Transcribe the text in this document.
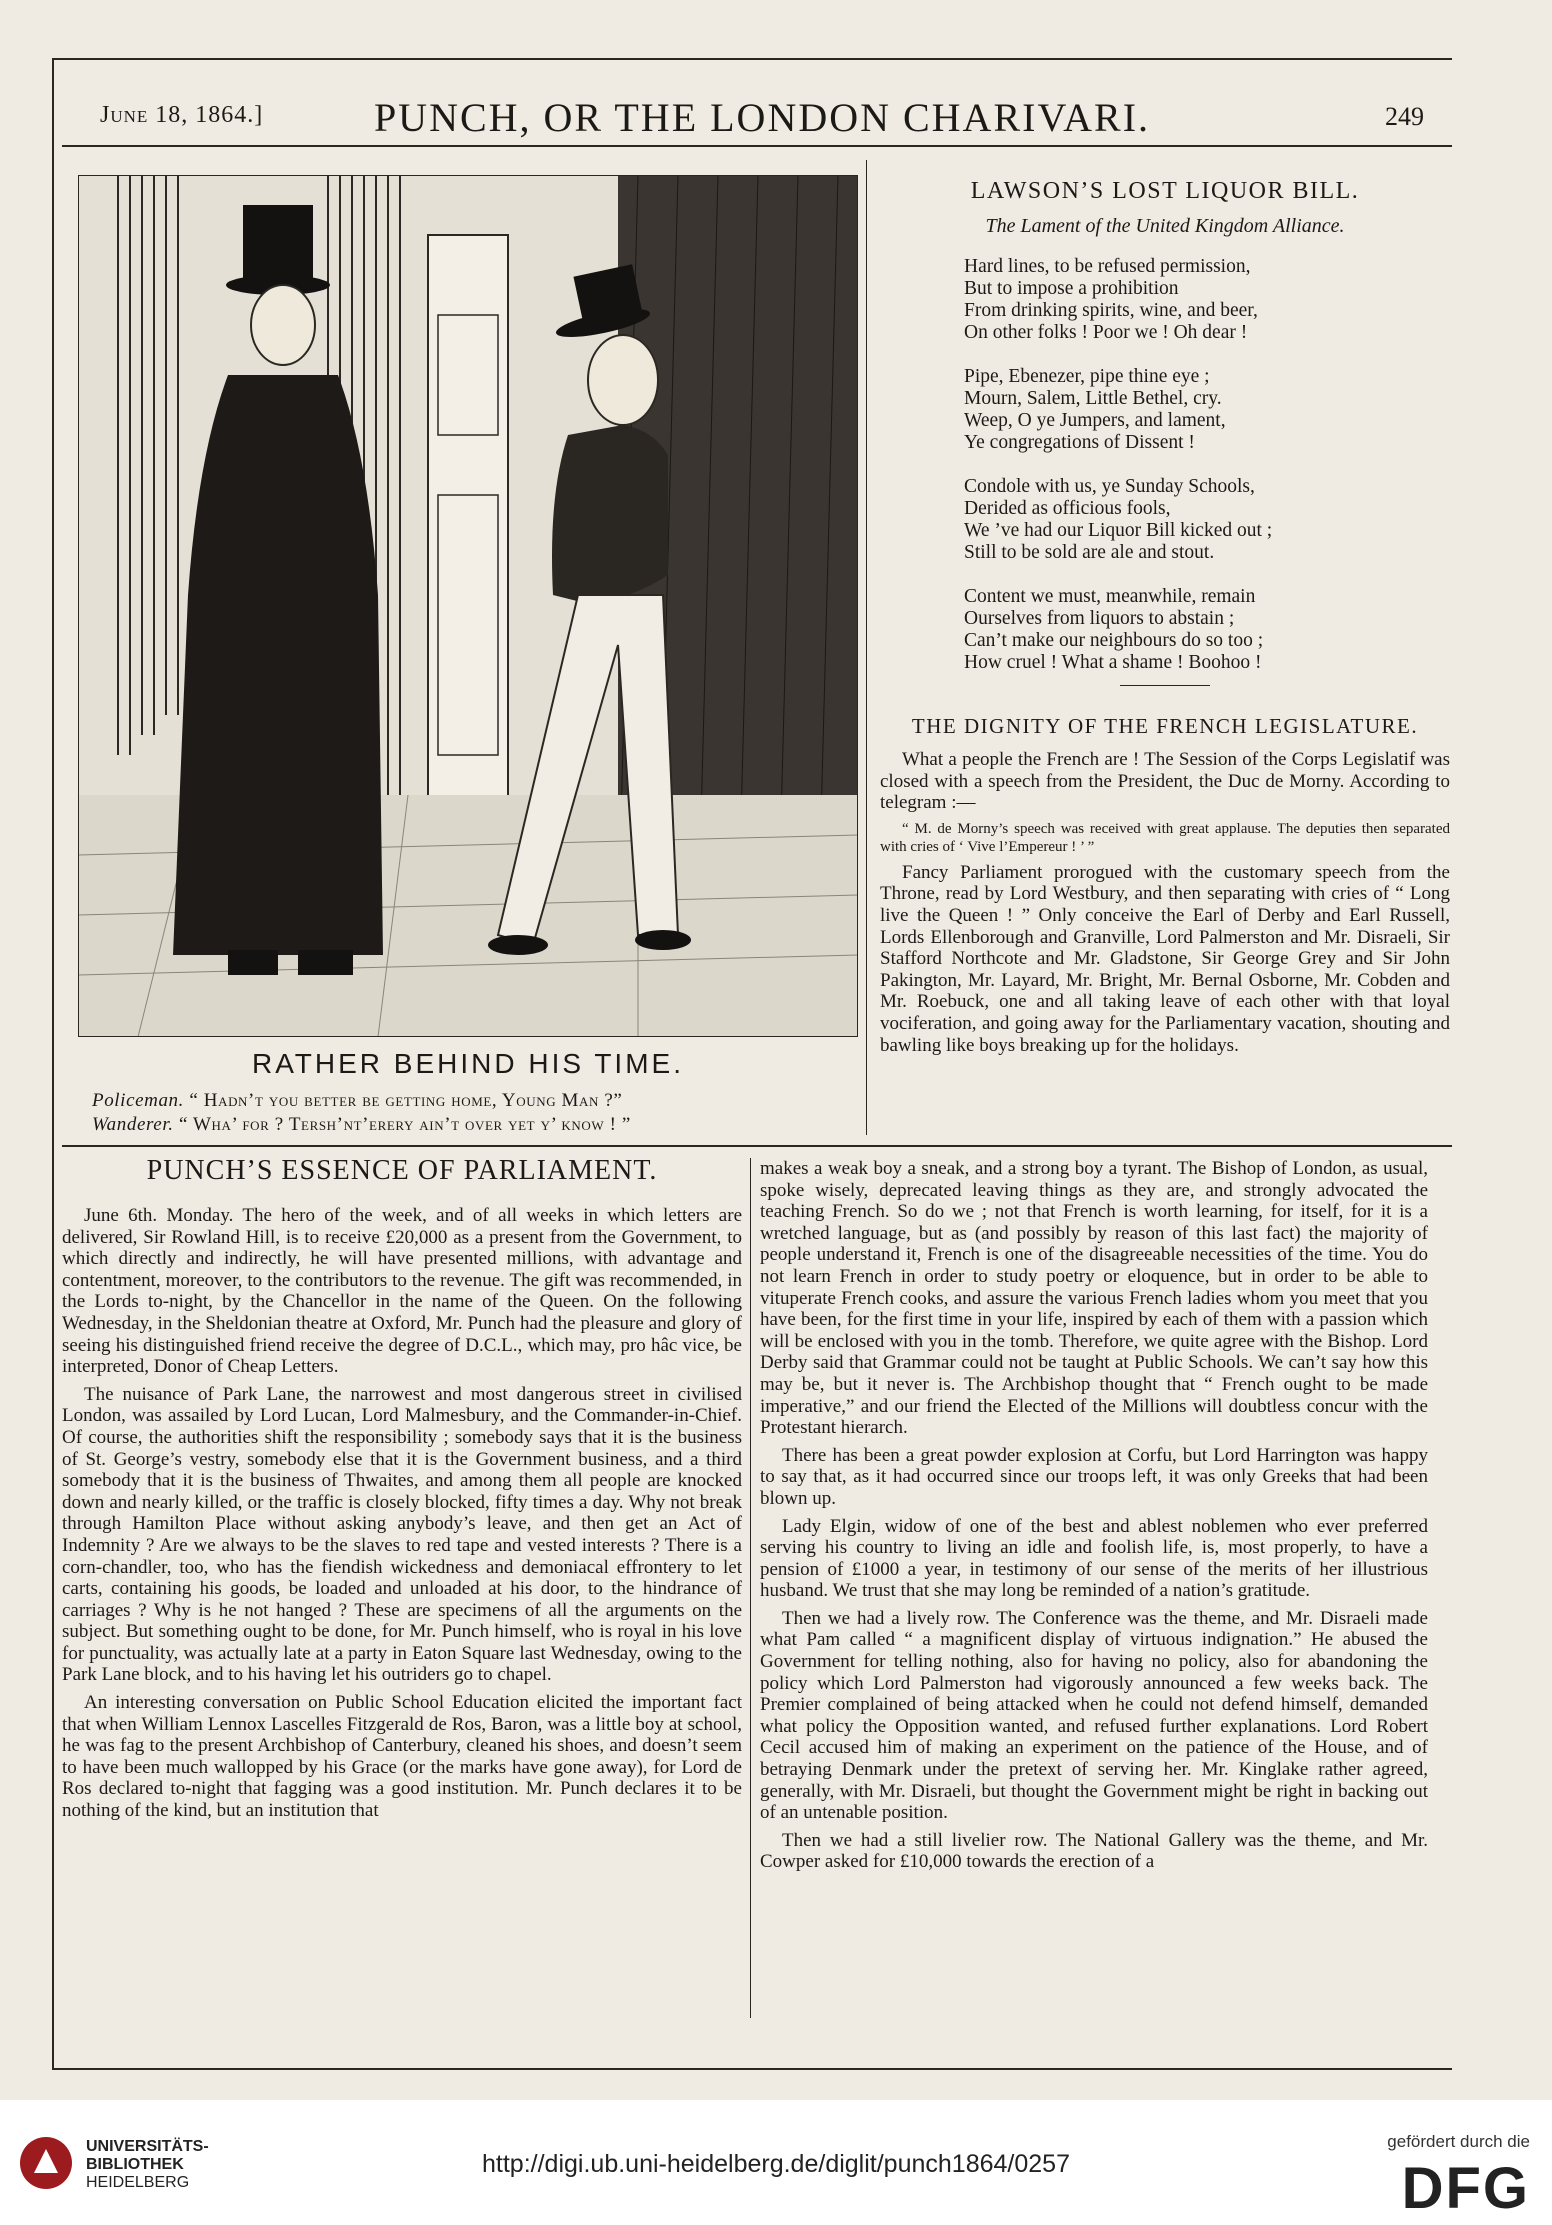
June 18, 1864.]	PUNCH, OR THE LONDON CHARIVARI.	249
RATHER BEHIND HIS TIME.
Policeman. “ Hadn’t you better be getting home, Young Man ?”
Wanderer. “ Wha’ for ? Tersh’nt’erery ain’t over yet y’ know ! ”
LAWSON’S LOST LIQUOR BILL.
The Lament of the United Kingdom Alliance.
Hard lines, to be refused permission,
But to impose a prohibition
From drinking spirits, wine, and beer,
On other folks ! Poor we ! Oh dear !
Pipe, Ebenezer, pipe thine eye ;
Mourn, Salem, Little Bethel, cry.
Weep, O ye Jumpers, and lament,
Ye congregations of Dissent !
Condole with us, ye Sunday Schools,
Derided as officious fools,
We ’ve had our Liquor Bill kicked out ;
Still to be sold are ale and stout.
Content we must, meanwhile, remain
Ourselves from liquors to abstain ;
Can’t make our neighbours do so too ;
How cruel ! What a shame ! Boohoo !
THE DIGNITY OF THE FRENCH LEGISLATURE.

What a people the French are ! The Session of the Corps Legislatif was closed with a speech from the President, the Duc de Morny. According to telegram :—

“ M. de Morny’s speech was received with great applause. The deputies then separated with cries of ‘ Vive l’Empereur ! ’ ”

Fancy Parliament prorogued with the customary speech from the Throne, read by Lord Westbury, and then separating with cries of “ Long live the Queen ! ” Only conceive the Earl of Derby and Earl Russell, Lords Ellenborough and Granville, Lord Palmerston and Mr. Disraeli, Sir Stafford Northcote and Mr. Gladstone, Sir George Grey and Sir John Pakington, Mr. Layard, Mr. Bright, Mr. Bernal Osborne, Mr. Cobden and Mr. Roebuck, one and all taking leave of each other with that loyal vociferation, and going away for the Parliamentary vacation, shouting and bawling like boys breaking up for the holidays.

PUNCH’S ESSENCE OF PARLIAMENT.

June 6th. Monday. The hero of the week, and of all weeks in which letters are delivered, Sir Rowland Hill, is to receive £20,000 as a present from the Government, to which directly and indirectly, he will have presented millions, with advantage and contentment, moreover, to the contributors to the revenue. The gift was recommended, in the Lords to-night, by the Chancellor in the name of the Queen. On the following Wednesday, in the Sheldonian theatre at Oxford, Mr. Punch had the pleasure and glory of seeing his distinguished friend receive the degree of D.C.L., which may, pro hâc vice, be interpreted, Donor of Cheap Letters.

The nuisance of Park Lane, the narrowest and most dangerous street in civilised London, was assailed by Lord Lucan, Lord Malmesbury, and the Commander-in-Chief. Of course, the authorities shift the responsibility ; somebody says that it is the business of St. George’s vestry, somebody else that it is the Government business, and a third somebody that it is the business of Thwaites, and among them all people are knocked down and nearly killed, or the traffic is closely blocked, fifty times a day. Why not break through Hamilton Place without asking anybody’s leave, and then get an Act of Indemnity ? Are we always to be the slaves to red tape and vested interests ? There is a corn-chandler, too, who has the fiendish wickedness and demoniacal effrontery to let carts, containing his goods, be loaded and unloaded at his door, to the hindrance of carriages ? Why is he not hanged ? These are specimens of all the arguments on the subject. But something ought to be done, for Mr. Punch himself, who is royal in his love for punctuality, was actually late at a party in Eaton Square last Wednesday, owing to the Park Lane block, and to his having let his outriders go to chapel.

An interesting conversation on Public School Education elicited the important fact that when William Lennox Lascelles Fitzgerald de Ros, Baron, was a little boy at school, he was fag to the present Archbishop of Canterbury, cleaned his shoes, and doesn’t seem to have been much wallopped by his Grace (or the marks have gone away), for Lord de Ros declared to-night that fagging was a good institution. Mr. Punch declares it to be nothing of the kind, but an institution that

makes a weak boy a sneak, and a strong boy a tyrant. The Bishop of London, as usual, spoke wisely, deprecated leaving things as they are, and strongly advocated the teaching French. So do we ; not that French is worth learning, for itself, for it is a wretched language, but as (and possibly by reason of this last fact) the majority of people understand it, French is one of the disagreeable necessities of the time. You do not learn French in order to study poetry or eloquence, but in order to be able to vituperate French cooks, and assure the various French ladies whom you meet that you have been, for the first time in your life, inspired by each of them with a passion which will be enclosed with you in the tomb. Therefore, we quite agree with the Bishop. Lord Derby said that Grammar could not be taught at Public Schools. We can’t say how this may be, but it never is. The Archbishop thought that “ French ought to be made imperative,” and our friend the Elected of the Millions will doubtless concur with the Protestant hierarch.

There has been a great powder explosion at Corfu, but Lord Harrington was happy to say that, as it had occurred since our troops left, it was only Greeks that had been blown up.

Lady Elgin, widow of one of the best and ablest noblemen who ever preferred serving his country to living an idle and foolish life, is, most properly, to have a pension of £1000 a year, in testimony of our sense of the merits of her illustrious husband. We trust that she may long be reminded of a nation’s gratitude.

Then we had a lively row. The Conference was the theme, and Mr. Disraeli made what Pam called “ a magnificent display of virtuous indignation.” He abused the Government for telling nothing, also for having no policy, also for abandoning the policy which Lord Palmerston had vigorously announced a few weeks back. The Premier complained of being attacked when he could not defend himself, demanded what policy the Opposition wanted, and refused further explanations. Lord Robert Cecil accused him of making an experiment on the patience of the House, and of betraying Denmark under the pretext of serving her. Mr. Kinglake rather agreed, generally, with Mr. Disraeli, but thought the Government might be right in backing out of an untenable position.

Then we had a still livelier row. The National Gallery was the theme, and Mr. Cowper asked for £10,000 towards the erection of a

UNIVERSITÄTS-
BIBLIOTHEK
HEIDELBERG
http://digi.ub.uni-heidelberg.de/diglit/punch1864/0257
gefördert durch die
DFG
